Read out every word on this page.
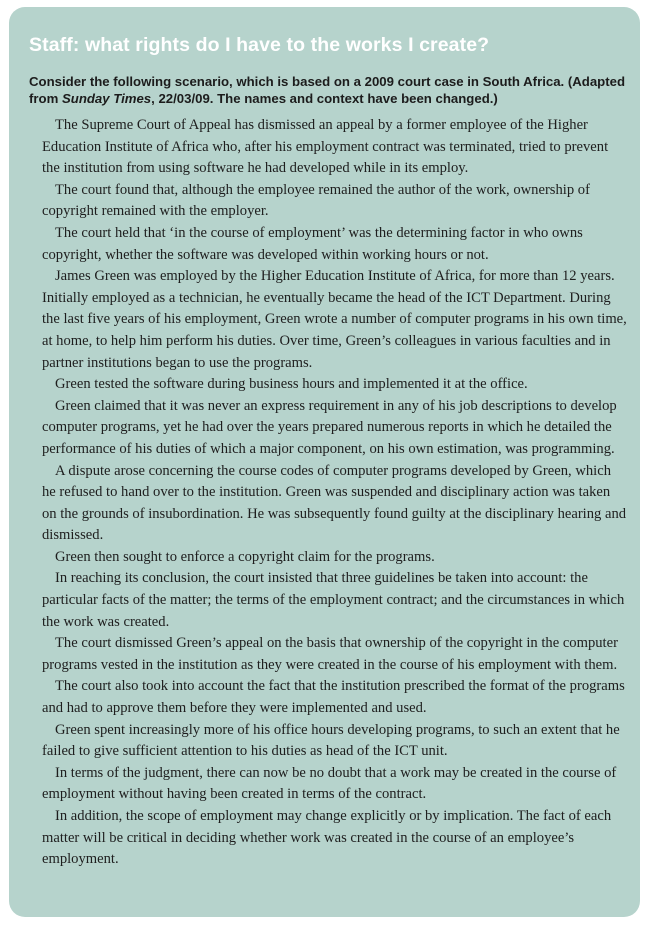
Staff: what rights do I have to the works I create?

Consider the following scenario, which is based on a 2009 court case in South Africa. (Adapted from Sunday Times, 22/03/09. The names and context have been changed.)

The Supreme Court of Appeal has dismissed an appeal by a former employee of the Higher Education Institute of Africa who, after his employment contract was terminated, tried to prevent the institution from using software he had developed while in its employ.

The court found that, although the employee remained the author of the work, ownership of copyright remained with the employer.

The court held that ‘in the course of employment’ was the determining factor in who owns copyright, whether the software was developed within working hours or not.

James Green was employed by the Higher Education Institute of Africa, for more than 12 years. Initially employed as a technician, he eventually became the head of the ICT Department. During the last five years of his employment, Green wrote a number of computer programs in his own time, at home, to help him perform his duties. Over time, Green’s colleagues in various faculties and in partner institutions began to use the programs.

Green tested the software during business hours and implemented it at the office.

Green claimed that it was never an express requirement in any of his job descriptions to develop computer programs, yet he had over the years prepared numerous reports in which he detailed the performance of his duties of which a major component, on his own estimation, was programming.

A dispute arose concerning the course codes of computer programs developed by Green, which he refused to hand over to the institution. Green was suspended and disciplinary action was taken on the grounds of insubordination. He was subsequently found guilty at the disciplinary hearing and dismissed.

Green then sought to enforce a copyright claim for the programs.

In reaching its conclusion, the court insisted that three guidelines be taken into account: the particular facts of the matter; the terms of the employment contract; and the circumstances in which the work was created.

The court dismissed Green’s appeal on the basis that ownership of the copyright in the computer programs vested in the institution as they were created in the course of his employment with them.

The court also took into account the fact that the institution prescribed the format of the programs and had to approve them before they were implemented and used.

Green spent increasingly more of his office hours developing programs, to such an extent that he failed to give sufficient attention to his duties as head of the ICT unit.

In terms of the judgment, there can now be no doubt that a work may be created in the course of employment without having been created in terms of the contract.

In addition, the scope of employment may change explicitly or by implication. The fact of each matter will be critical in deciding whether work was created in the course of an employee’s employment.
